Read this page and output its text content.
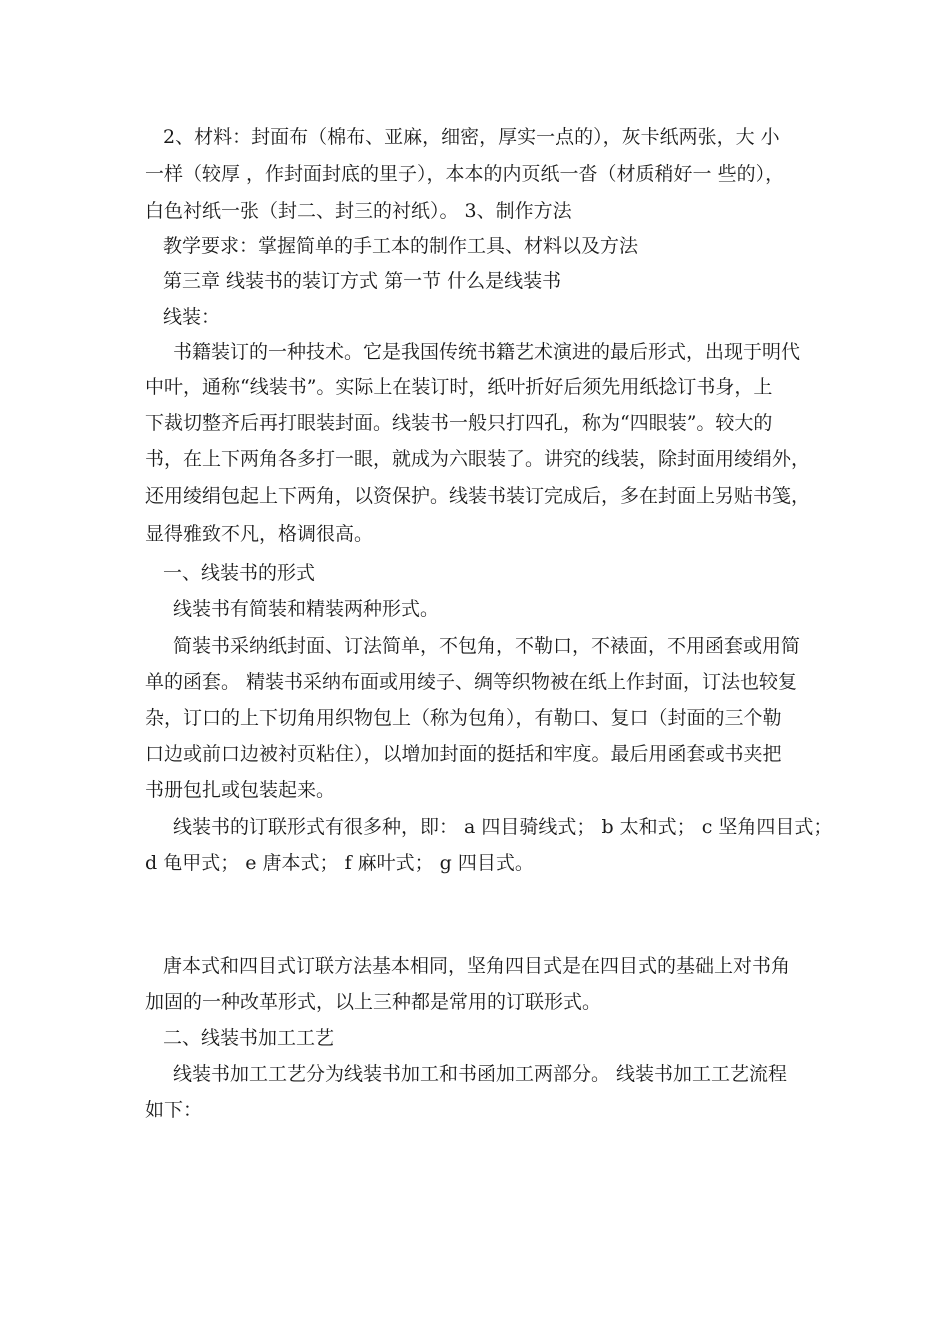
2、材料：封面布（棉布、亚麻，细密，厚实一点的），灰卡纸两张，大 小
一样（较厚 ，作封面封底的里子），本本的内页纸一沓（材质稍好一 些的），
白色衬纸一张（封二、封三的衬纸）。 3、制作方法
教学要求：掌握简单的手工本的制作工具、材料以及方法
第三章 线装书的装订方式 第一节 什么是线装书
线装：
书籍装订的一种技术。它是我国传统书籍艺术演进的最后形式，出现于明代
中叶，通称“线装书”。实际上在装订时，纸叶折好后须先用纸捻订书身，上
下裁切整齐后再打眼装封面。线装书一般只打四孔，称为“四眼装”。较大的
书，在上下两角各多打一眼，就成为六眼装了。讲究的线装，除封面用绫绢外，
还用绫绢包起上下两角，以资保护。线装书装订完成后，多在封面上另贴书笺，
显得雅致不凡，格调很高。
一、线装书的形式
线装书有简装和精装两种形式。
简装书采纳纸封面、订法简单，不包角，不勒口，不裱面，不用函套或用简
单的函套。 精装书采纳布面或用绫子、绸等织物被在纸上作封面，订法也较复
杂，订口的上下切角用织物包上（称为包角），有勒口、复口（封面的三个勒
口边或前口边被衬页粘住），以增加封面的挺括和牢度。最后用函套或书夹把
书册包扎或包装起来。
线装书的订联形式有很多种，即： a 四目骑线式； b 太和式； c 坚角四目式；
d 龟甲式； e 唐本式； f 麻叶式； g 四目式。
唐本式和四目式订联方法基本相同，坚角四目式是在四目式的基础上对书角
加固的一种改革形式，以上三种都是常用的订联形式。
二、线装书加工工艺
线装书加工工艺分为线装书加工和书函加工两部分。 线装书加工工艺流程
如下：
